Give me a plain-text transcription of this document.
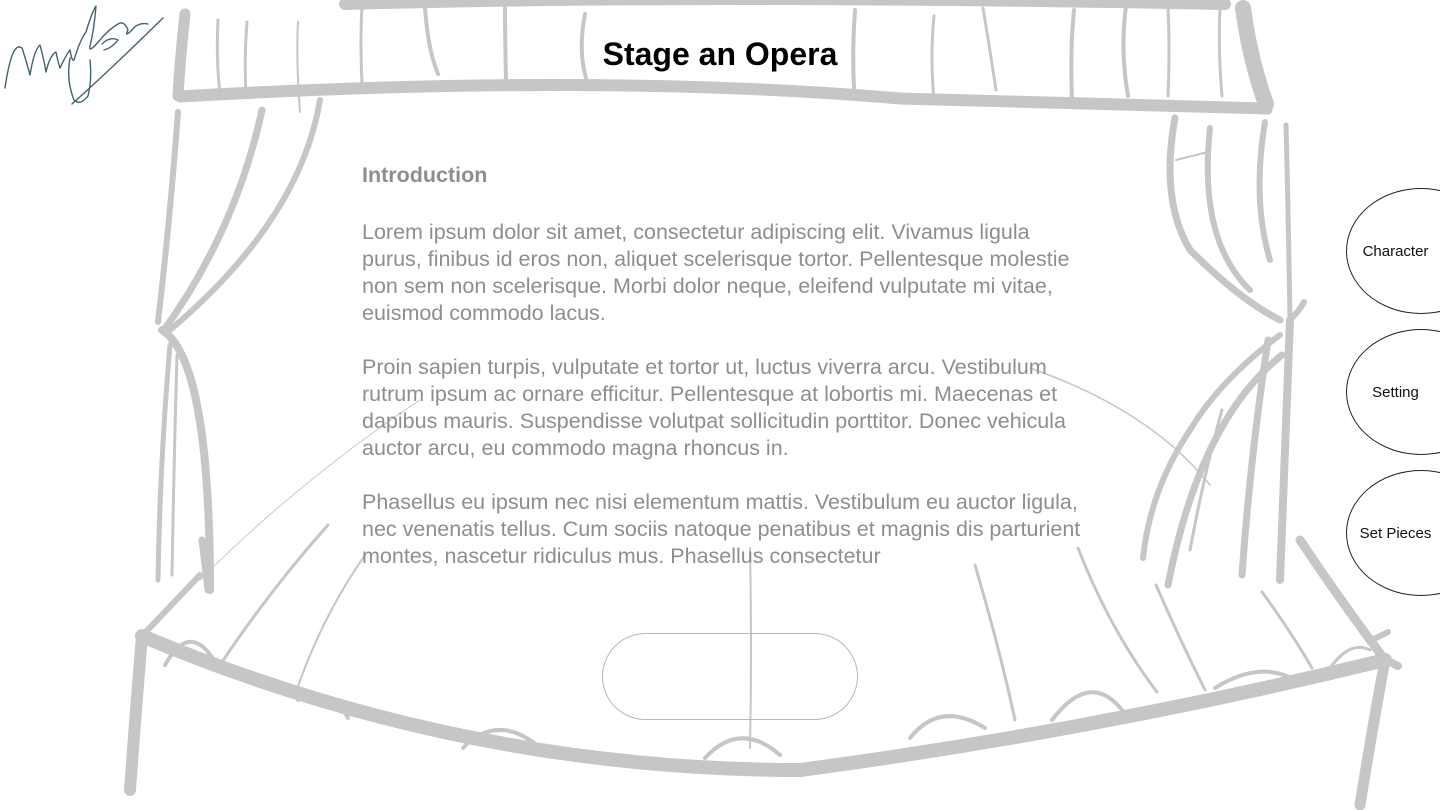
Stage an Opera
Introduction

Lorem ipsum dolor sit amet, consectetur adipiscing elit. Vivamus ligula purus, finibus id eros non, aliquet scelerisque tortor. Pellentesque molestie non sem non scelerisque. Morbi dolor neque, eleifend vulputate mi vitae, euismod commodo lacus.

Proin sapien turpis, vulputate et tortor ut, luctus viverra arcu. Vestibulum rutrum ipsum ac ornare efficitur. Pellentesque at lobortis mi. Maecenas et dapibus mauris. Suspendisse volutpat sollicitudin porttitor. Donec vehicula auctor arcu, eu commodo magna rhoncus in.

Phasellus eu ipsum nec nisi elementum mattis. Vestibulum eu auctor ligula, nec venenatis tellus. Cum sociis natoque penatibus et magnis dis parturient montes, nascetur ridiculus mus. Phasellus consectetur

Character
Setting
Set Pieces
